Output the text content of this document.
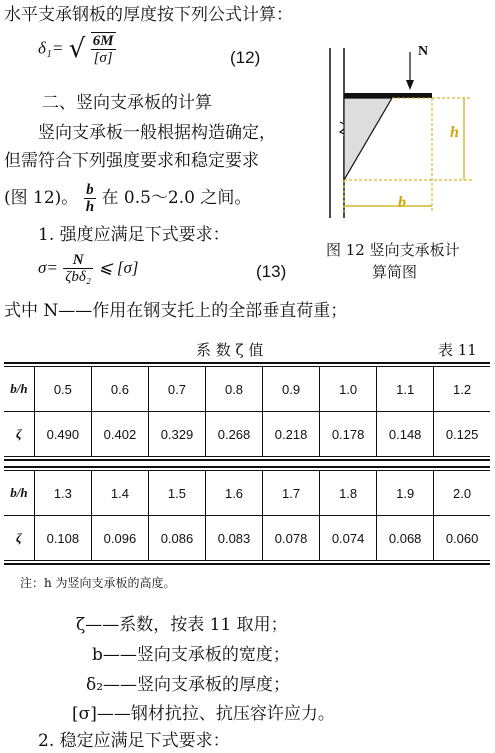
水平支承钢板的厚度按下列公式计算：
δ₁= √ $\frac{6M}{[\sigma]}$	(12)
二、竖向支承板的计算
竖向支承板一般根据构造确定，
但需符合下列强度要求和稳定要求
(图 12)。 $\frac{b}{h}$ 在 0.5～2.0 之间。
1. 强度应满足下式要求：
$\sigma= \frac{N}{\text{ζbδ₂}}$ ⩽ [σ]	(13)
N
h
b
图 12 竖向支承板计
算简图
式中 N——作用在钢支托上的全部垂直荷重；
系 数 ζ 值	表 11
b/h	0.5	0.6	0.7	0.8	0.9	1.0	1.1	1.2
ζ	0.490	0.402	0.329	0.268	0.218	0.178	0.148	0.125
b/h	1.3	1.4	1.5	1.6	1.7	1.8	1.9	2.0
ζ	0.108	0.096	0.086	0.083	0.078	0.074	0.068	0.060
注：h 为竖向支承板的高度。
ζ——系数，按表 11 取用；
b——竖向支承板的宽度；
δ₂——竖向支承板的厚度；
[σ]——钢材抗拉、抗压容许应力。
2. 稳定应满足下式要求：
